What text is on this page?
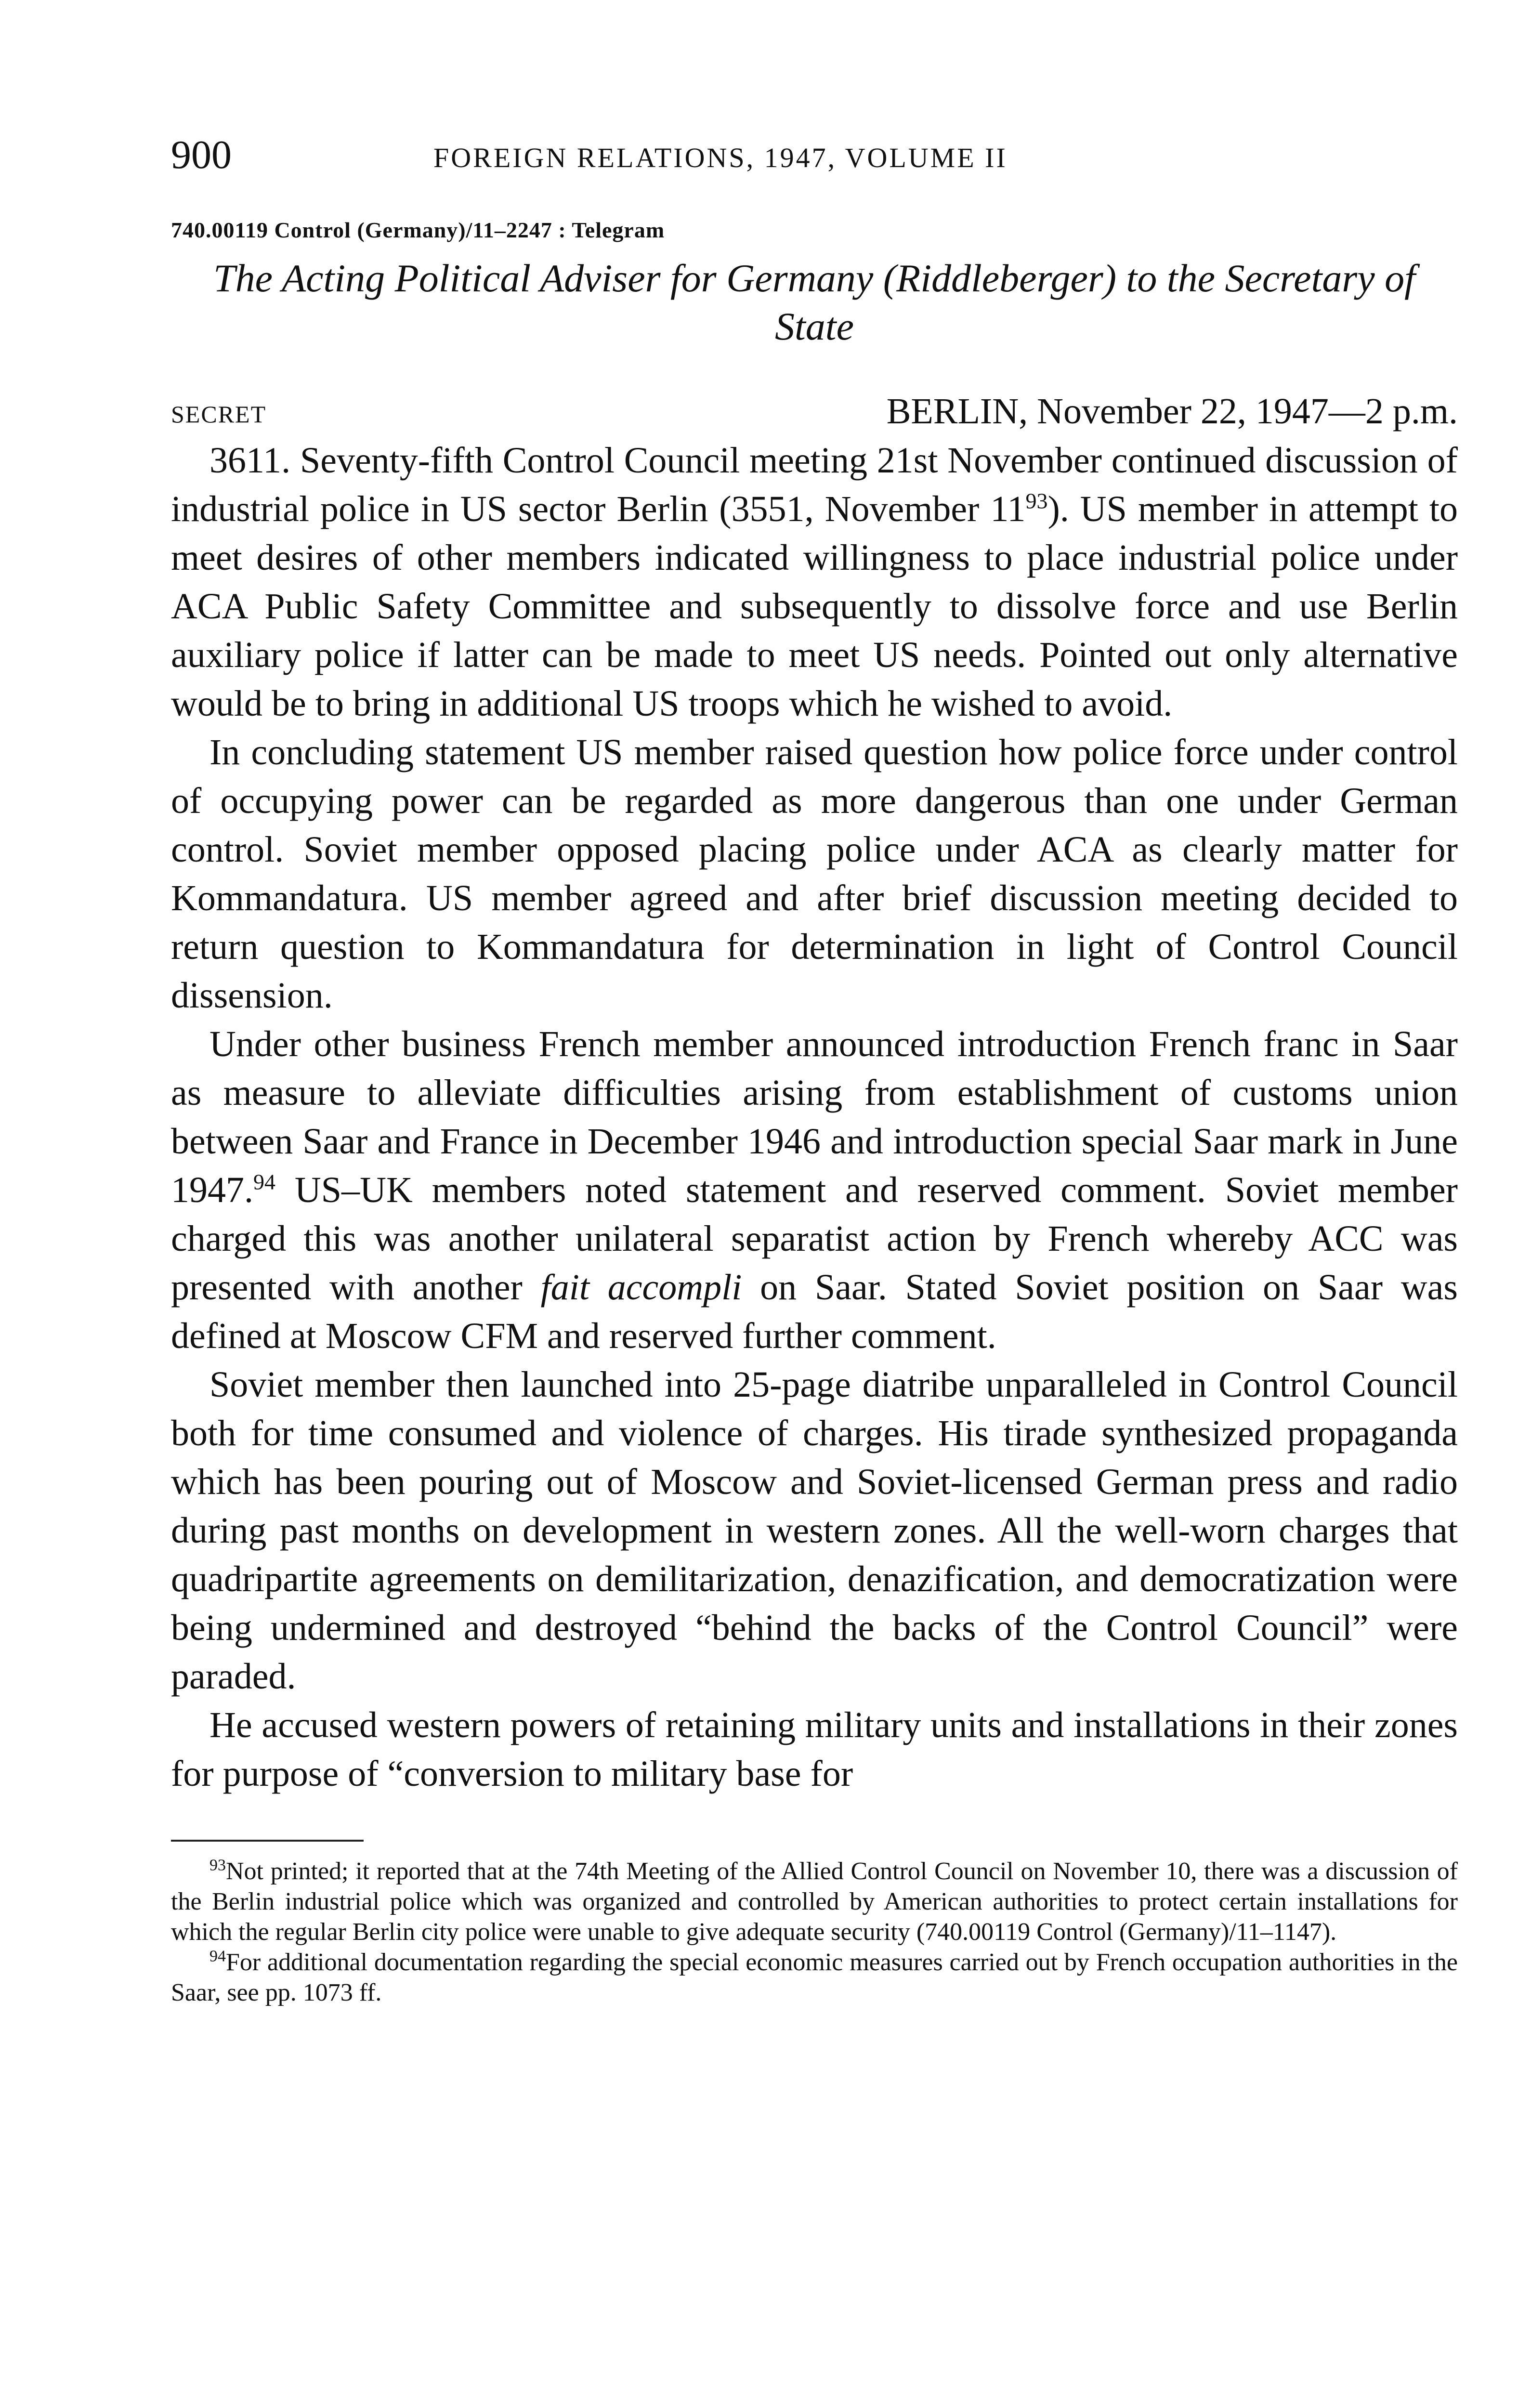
900	FOREIGN RELATIONS, 1947, VOLUME II
740.00119 Control (Germany)/11–2247 : Telegram
The Acting Political Adviser for Germany (Riddleberger) to the Secretary of State
SECRET	BERLIN, November 22, 1947—2 p.m.

3611. Seventy-fifth Control Council meeting 21st November continued discussion of industrial police in US sector Berlin (3551, November $11^{93}$). US member in attempt to meet desires of other members indicated willingness to place industrial police under ACA Public Safety Committee and subsequently to dissolve force and use Berlin auxiliary police if latter can be made to meet US needs. Pointed out only alternative would be to bring in additional US troops which he wished to avoid.

In concluding statement US member raised question how police force under control of occupying power can be regarded as more dangerous than one under German control. Soviet member opposed placing police under ACA as clearly matter for Kommandatura. US member agreed and after brief discussion meeting decided to return question to Kommandatura for determination in light of Control Council dissension.

Under other business French member announced introduction French franc in Saar as measure to alleviate difficulties arising from establishment of customs union between Saar and France in December 1946 and introduction special Saar mark in June 1947.94 US–UK members noted statement and reserved comment. Soviet member charged this was another unilateral separatist action by French whereby ACC was presented with another fait accompli on Saar. Stated Soviet position on Saar was defined at Moscow CFM and reserved further comment.

Soviet member then launched into 25-page diatribe unparalleled in Control Council both for time consumed and violence of charges. His tirade synthesized propaganda which has been pouring out of Moscow and Soviet-licensed German press and radio during past months on development in western zones. All the well-worn charges that quadripartite agreements on demilitarization, denazification, and democratization were being undermined and destroyed “behind the backs of the Control Council” were paraded.

He accused western powers of retaining military units and installations in their zones for purpose of “conversion to military base for

$^{93}$Not printed; it reported that at the 74th Meeting of the Allied Control Council on November 10, there was a discussion of the Berlin industrial police which was organized and controlled by American authorities to protect certain installations for which the regular Berlin city police were unable to give adequate security (740.00119 Control (Germany)/11–1147).

$^{94}$For additional documentation regarding the special economic measures carried out by French occupation authorities in the Saar, see pp. 1073 ff.
